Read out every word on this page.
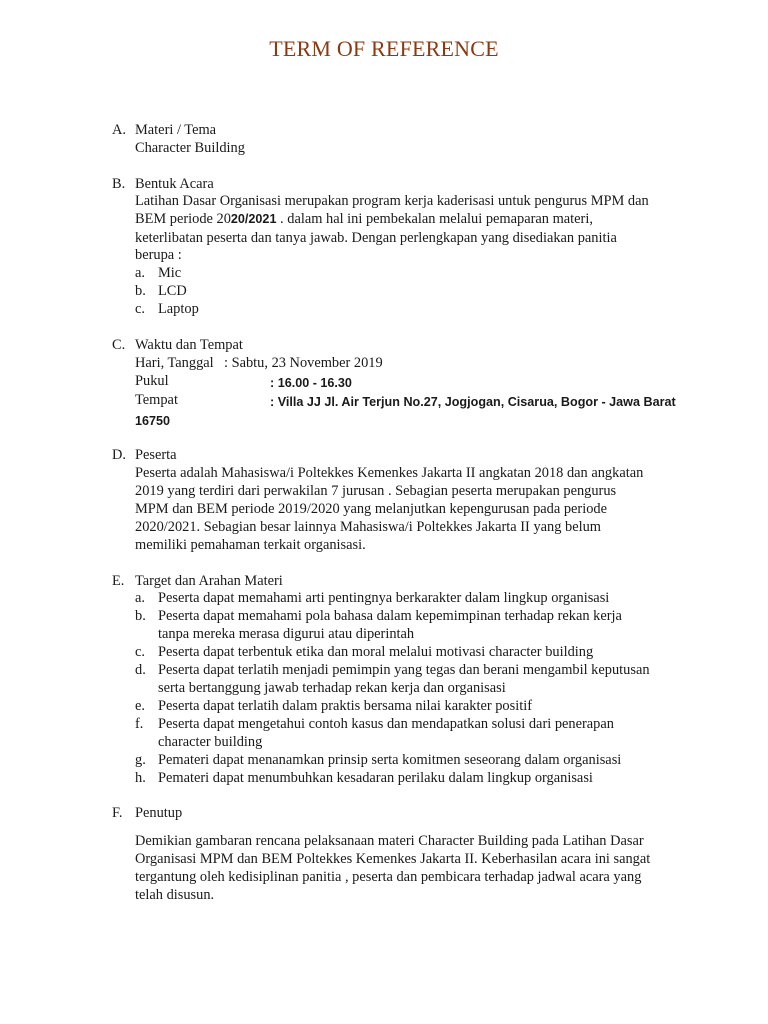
TERM OF REFERENCE
A. Materi / Tema
Character Building
B. Bentuk Acara
Latihan Dasar Organisasi merupakan program kerja kaderisasi untuk pengurus MPM dan
BEM periode 2020/2021 . dalam hal ini pembekalan melalui pemaparan materi,
keterlibatan peserta dan tanya jawab. Dengan perlengkapan yang disediakan panitia
berupa :
a. Mic
b. LCD
c. Laptop
C. Waktu dan Tempat
Hari, Tanggal : Sabtu, 23 November 2019
Pukul	: 16.00 - 16.30
Tempat	: Villa JJ Jl. Air Terjun No.27, Jogjogan, Cisarua, Bogor - Jawa Barat
16750
D. Peserta
Peserta adalah Mahasiswa/i Poltekkes Kemenkes Jakarta II angkatan 2018 dan angkatan
2019 yang terdiri dari perwakilan 7 jurusan . Sebagian peserta merupakan pengurus
MPM dan BEM periode 2019/2020 yang melanjutkan kepengurusan pada periode
2020/2021. Sebagian besar lainnya Mahasiswa/i Poltekkes Jakarta II yang belum
memiliki pemahaman terkait organisasi.
E. Target dan Arahan Materi
a. Peserta dapat memahami arti pentingnya berkarakter dalam lingkup organisasi
b. Peserta dapat memahami pola bahasa dalam kepemimpinan terhadap rekan kerja
tanpa mereka merasa digurui atau diperintah
c. Peserta dapat terbentuk etika dan moral melalui motivasi character building
d. Peserta dapat terlatih menjadi pemimpin yang tegas dan berani mengambil keputusan
serta bertanggung jawab terhadap rekan kerja dan organisasi
e. Peserta dapat terlatih dalam praktis bersama nilai karakter positif
f. Peserta dapat mengetahui contoh kasus dan mendapatkan solusi dari penerapan
character building
g. Pemateri dapat menanamkan prinsip serta komitmen seseorang dalam organisasi
h. Pemateri dapat menumbuhkan kesadaran perilaku dalam lingkup organisasi
F. Penutup
Demikian gambaran rencana pelaksanaan materi Character Building pada Latihan Dasar
Organisasi MPM dan BEM Poltekkes Kemenkes Jakarta II. Keberhasilan acara ini sangat
tergantung oleh kedisiplinan panitia , peserta dan pembicara terhadap jadwal acara yang
telah disusun.
